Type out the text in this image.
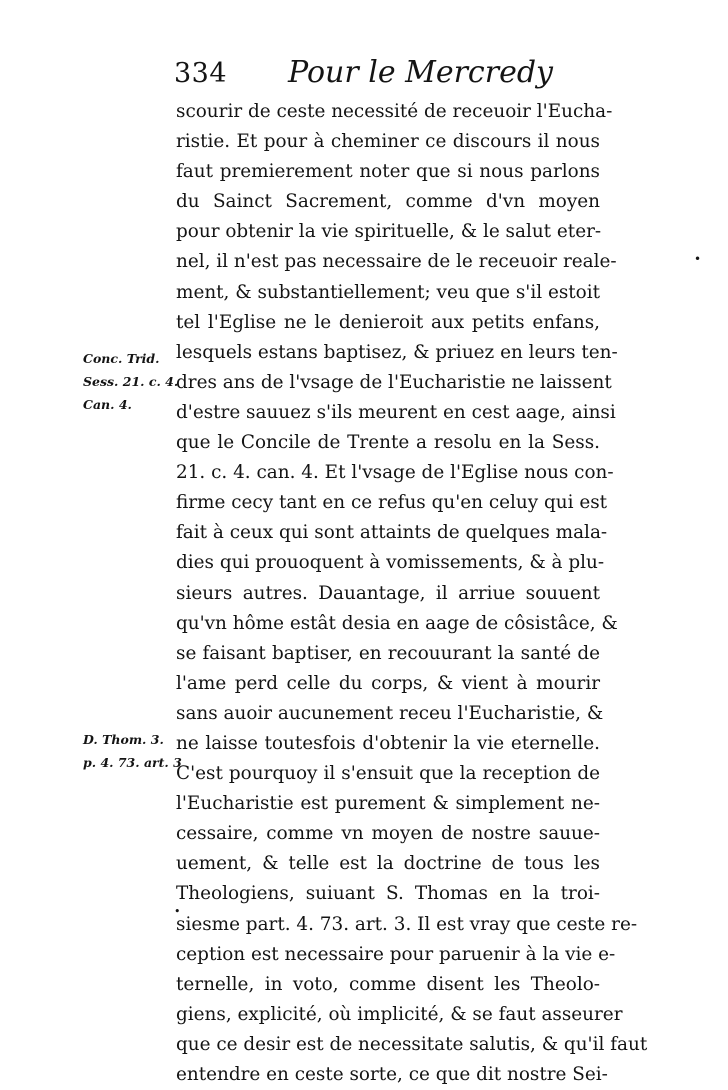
334 Pour le Mercredy
scourir de ceste necessité de receuoir l'Eucha-
ristie. Et pour à cheminer ce discours il nous
faut premierement noter que si nous parlons
du Sainct Sacrement, comme d'vn moyen
pour obtenir la vie spirituelle, & le salut eter-
nel, il n'est pas necessaire de le receuoir reale-
ment, & substantiellement; veu que s'il estoit
tel l'Eglise ne le denieroit aux petits enfans,
lesquels estans baptisez, & priuez en leurs ten-
dres ans de l'vsage de l'Eucharistie ne laissent
d'estre sauuez s'ils meurent en cest aage, ainsi
que le Concile de Trente a resolu en la Sess.
21. c. 4. can. 4. Et l'vsage de l'Eglise nous con-
firme cecy tant en ce refus qu'en celuy qui est
fait à ceux qui sont attaints de quelques mala-
dies qui prouoquent à vomissements, & à plu-
sieurs autres. Dauantage, il arriue souuent
qu'vn hôme estât desia en aage de côsistâce, &
se faisant baptiser, en recouurant la santé de
l'ame perd celle du corps, & vient à mourir
sans auoir aucunement receu l'Eucharistie, &
ne laisse toutesfois d'obtenir la vie eternelle.
C'est pourquoy il s'ensuit que la reception de
l'Eucharistie est purement & simplement ne-
cessaire, comme vn moyen de nostre sauue-
uement, & telle est la doctrine de tous les
Theologiens, suiuant S. Thomas en la troi-
siesme part. 4. 73. art. 3. Il est vray que ceste re-
ception est necessaire pour paruenir à la vie e-
ternelle, in voto, comme disent les Theolo-
giens, explicité, où implicité, & se faut asseurer
que ce desir est de necessitate salutis, & qu'il faut
entendre en ceste sorte, ce que dit nostre Sei-
Conc. Trid.
Sess. 21. c. 4.
Can. 4.
D. Thom. 3.
p. 4. 73. art. 3
•
•
